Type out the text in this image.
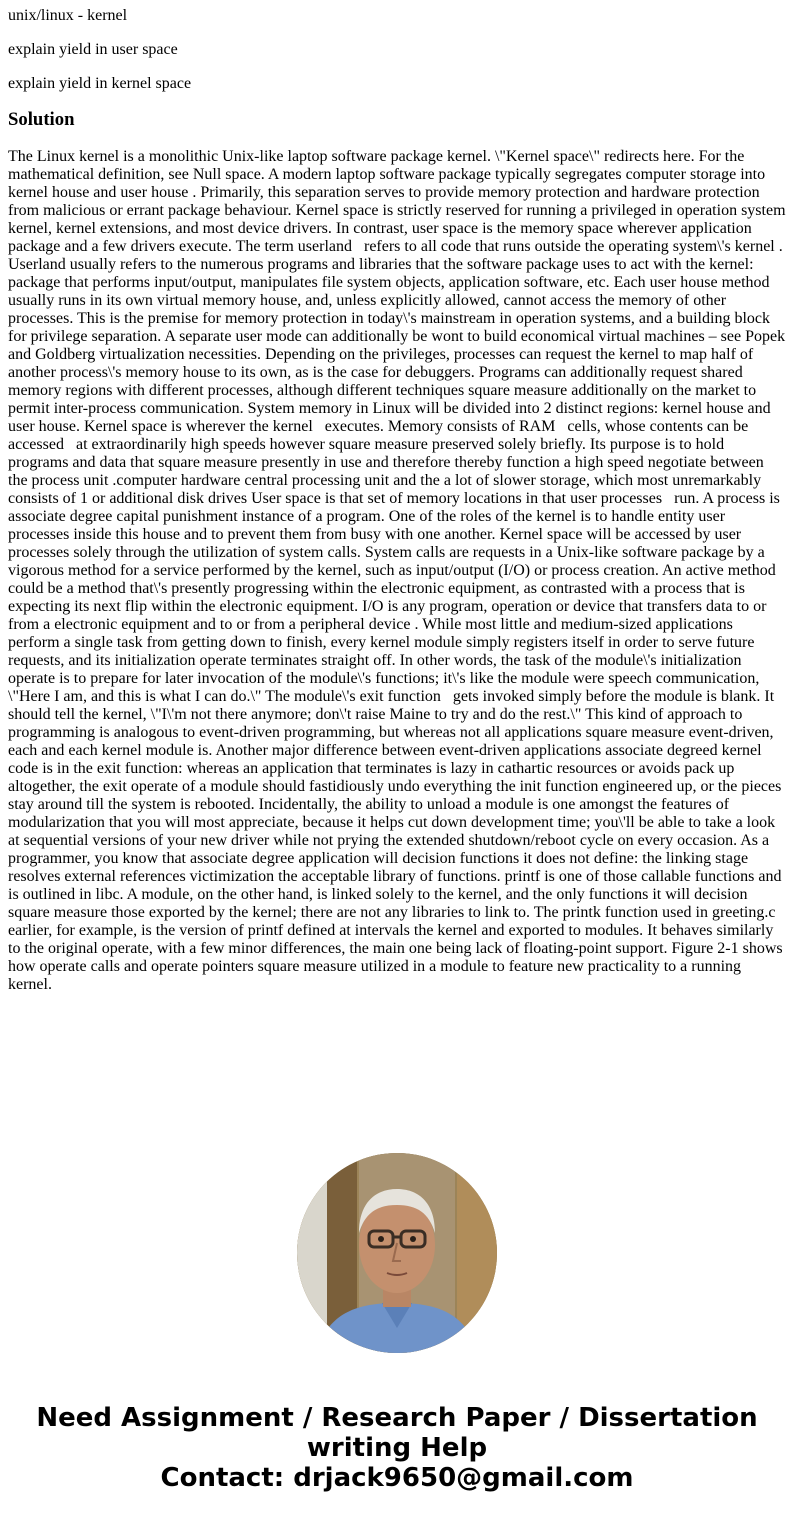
unix/linux - kernel

explain yield in user space

explain yield in kernel space

Solution

The Linux kernel is a monolithic Unix-like laptop software package kernel. \"Kernel space\" redirects here. For the mathematical definition, see Null space. A modern laptop software package typically segregates computer storage into kernel house and user house . Primarily, this separation serves to provide memory protection and hardware protection from malicious or errant package behaviour. Kernel space is strictly reserved for running a privileged in operation system kernel, kernel extensions, and most device drivers. In contrast, user space is the memory space wherever application package and a few drivers execute. The term userland   refers to all code that runs outside the operating system\'s kernel . Userland usually refers to the numerous programs and libraries that the software package uses to act with the kernel: package that performs input/output, manipulates file system objects, application software, etc. Each user house method usually runs in its own virtual memory house, and, unless explicitly allowed, cannot access the memory of other processes. This is the premise for memory protection in today\'s mainstream in operation systems, and a building block for privilege separation. A separate user mode can additionally be wont to build economical virtual machines – see Popek and Goldberg virtualization necessities. Depending on the privileges, processes can request the kernel to map half of another process\'s memory house to its own, as is the case for debuggers. Programs can additionally request shared memory regions with different processes, although different techniques square measure additionally on the market to permit inter-process communication. System memory in Linux will be divided into 2 distinct regions: kernel house and user house. Kernel space is wherever the kernel   executes. Memory consists of RAM   cells, whose contents can be accessed   at extraordinarily high speeds however square measure preserved solely briefly. Its purpose is to hold programs and data that square measure presently in use and therefore thereby function a high speed negotiate between the process unit .computer hardware central processing unit and the a lot of slower storage, which most unremarkably consists of 1 or additional disk drives User space is that set of memory locations in that user processes   run. A process is associate degree capital punishment instance of a program. One of the roles of the kernel is to handle entity user processes inside this house and to prevent them from busy with one another. Kernel space will be accessed by user processes solely through the utilization of system calls. System calls are requests in a Unix-like software package by a vigorous method for a service performed by the kernel, such as input/output (I/O) or process creation. An active method could be a method that\'s presently progressing within the electronic equipment, as contrasted with a process that is expecting its next flip within the electronic equipment. I/O is any program, operation or device that transfers data to or from a electronic equipment and to or from a peripheral device . While most little and medium-sized applications perform a single task from getting down to finish, every kernel module simply registers itself in order to serve future requests, and its initialization operate terminates straight off. In other words, the task of the module\'s initialization operate is to prepare for later invocation of the module\'s functions; it\'s like the module were speech communication, \"Here I am, and this is what I can do.\" The module\'s exit function   gets invoked simply before the module is blank. It should tell the kernel, \"I\'m not there anymore; don\'t raise Maine to try and do the rest.\" This kind of approach to programming is analogous to event-driven programming, but whereas not all applications square measure event-driven, each and each kernel module is. Another major difference between event-driven applications associate degreed kernel code is in the exit function: whereas an application that terminates is lazy in cathartic resources or avoids pack up altogether, the exit operate of a module should fastidiously undo everything the init function engineered up, or the pieces stay around till the system is rebooted. Incidentally, the ability to unload a module is one amongst the features of modularization that you will most appreciate, because it helps cut down development time; you\'ll be able to take a look at sequential versions of your new driver while not prying the extended shutdown/reboot cycle on every occasion. As a programmer, you know that associate degree application will decision functions it does not define: the linking stage resolves external references victimization the acceptable library of functions. printf is one of those callable functions and is outlined in libc. A module, on the other hand, is linked solely to the kernel, and the only functions it will decision square measure those exported by the kernel; there are not any libraries to link to. The printk function used in greeting.c earlier, for example, is the version of printf defined at intervals the kernel and exported to modules. It behaves similarly to the original operate, with a few minor differences, the main one being lack of floating-point support. Figure 2-1 shows how operate calls and operate pointers square measure utilized in a module to feature new practicality to a running kernel.

Need Assignment / Research Paper / Dissertation
writing Help
Contact: drjack9650@gmail.com
